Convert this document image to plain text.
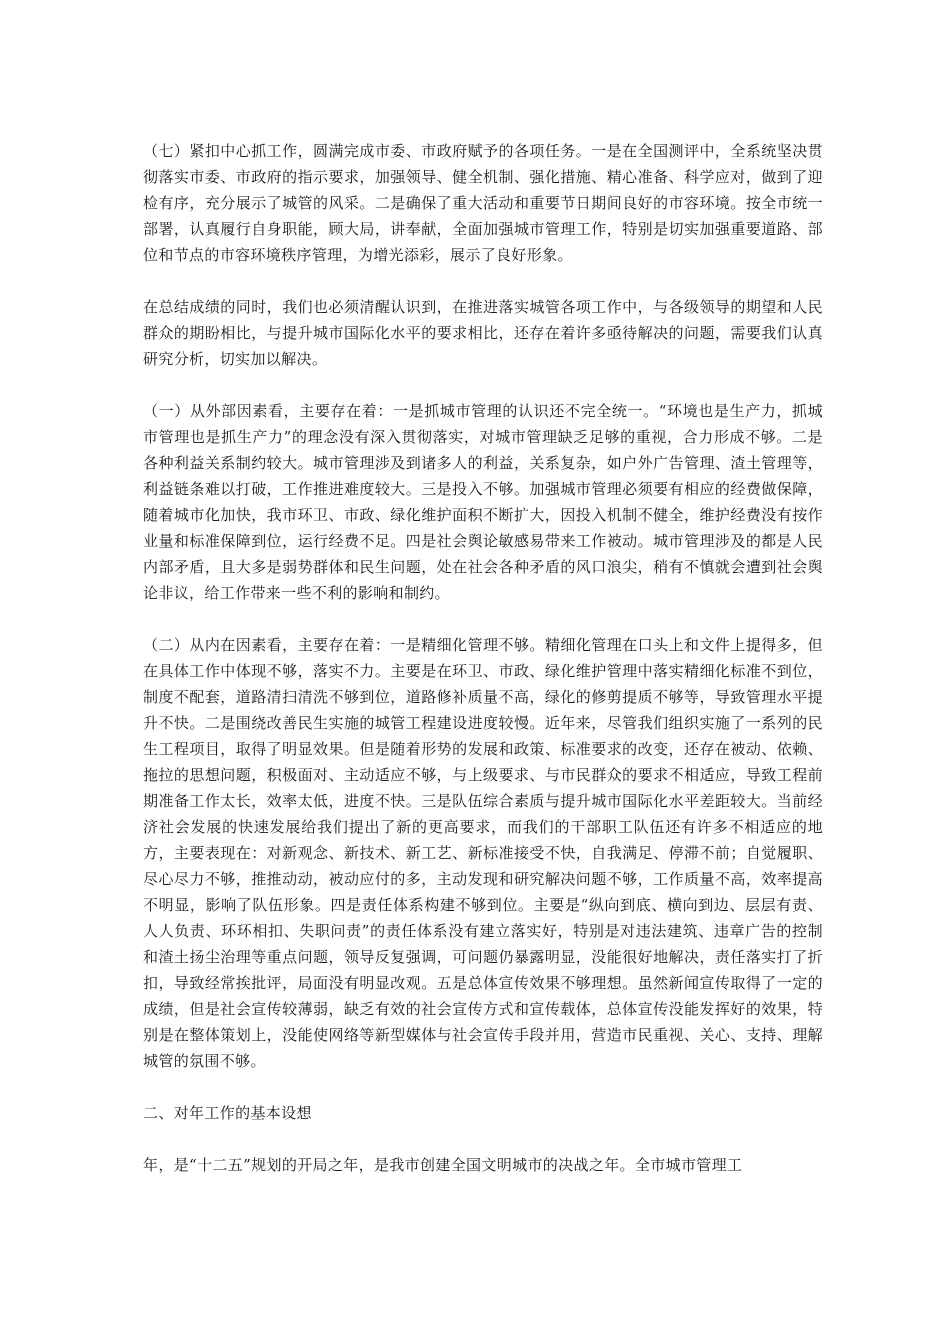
（七）紧扣中心抓工作，圆满完成市委、市政府赋予的各项任务。一是在全国测评中，全系统坚决贯彻落实市委、市政府的指示要求，加强领导、健全机制、强化措施、精心准备、科学应对，做到了迎检有序，充分展示了城管的风采。二是确保了重大活动和重要节日期间良好的市容环境。按全市统一部署，认真履行自身职能，顾大局，讲奉献，全面加强城市管理工作，特别是切实加强重要道路、部位和节点的市容环境秩序管理，为增光添彩，展示了良好形象。

在总结成绩的同时，我们也必须清醒认识到，在推进落实城管各项工作中，与各级领导的期望和人民群众的期盼相比，与提升城市国际化水平的要求相比，还存在着许多亟待解决的问题，需要我们认真研究分析，切实加以解决。

（一）从外部因素看，主要存在着：一是抓城市管理的认识还不完全统一。“环境也是生产力，抓城市管理也是抓生产力”的理念没有深入贯彻落实，对城市管理缺乏足够的重视，合力形成不够。二是各种利益关系制约较大。城市管理涉及到诸多人的利益，关系复杂，如户外广告管理、渣土管理等，利益链条难以打破，工作推进难度较大。三是投入不够。加强城市管理必须要有相应的经费做保障，随着城市化加快，我市环卫、市政、绿化维护面积不断扩大，因投入机制不健全，维护经费没有按作业量和标准保障到位，运行经费不足。四是社会舆论敏感易带来工作被动。城市管理涉及的都是人民内部矛盾，且大多是弱势群体和民生问题，处在社会各种矛盾的风口浪尖，稍有不慎就会遭到社会舆论非议，给工作带来一些不利的影响和制约。

（二）从内在因素看，主要存在着：一是精细化管理不够。精细化管理在口头上和文件上提得多，但在具体工作中体现不够，落实不力。主要是在环卫、市政、绿化维护管理中落实精细化标准不到位，制度不配套，道路清扫清洗不够到位，道路修补质量不高，绿化的修剪提质不够等，导致管理水平提升不快。二是围绕改善民生实施的城管工程建设进度较慢。近年来，尽管我们组织实施了一系列的民生工程项目，取得了明显效果。但是随着形势的发展和政策、标准要求的改变，还存在被动、依赖、拖拉的思想问题，积极面对、主动适应不够，与上级要求、与市民群众的要求不相适应，导致工程前期准备工作太长，效率太低，进度不快。三是队伍综合素质与提升城市国际化水平差距较大。当前经济社会发展的快速发展给我们提出了新的更高要求，而我们的干部职工队伍还有许多不相适应的地方，主要表现在：对新观念、新技术、新工艺、新标准接受不快，自我满足、停滞不前；自觉履职、尽心尽力不够，推推动动，被动应付的多，主动发现和研究解决问题不够，工作质量不高，效率提高不明显，影响了队伍形象。四是责任体系构建不够到位。主要是“纵向到底、横向到边、层层有责、人人负责、环环相扣、失职问责”的责任体系没有建立落实好，特别是对违法建筑、违章广告的控制和渣土扬尘治理等重点问题，领导反复强调，可问题仍暴露明显，没能很好地解决，责任落实打了折扣，导致经常挨批评，局面没有明显改观。五是总体宣传效果不够理想。虽然新闻宣传取得了一定的成绩，但是社会宣传较薄弱，缺乏有效的社会宣传方式和宣传载体，总体宣传没能发挥好的效果，特别是在整体策划上，没能使网络等新型媒体与社会宣传手段并用，营造市民重视、关心、支持、理解城管的氛围不够。

二、对年工作的基本设想

年，是“十二五”规划的开局之年，是我市创建全国文明城市的决战之年。全市城市管理工
